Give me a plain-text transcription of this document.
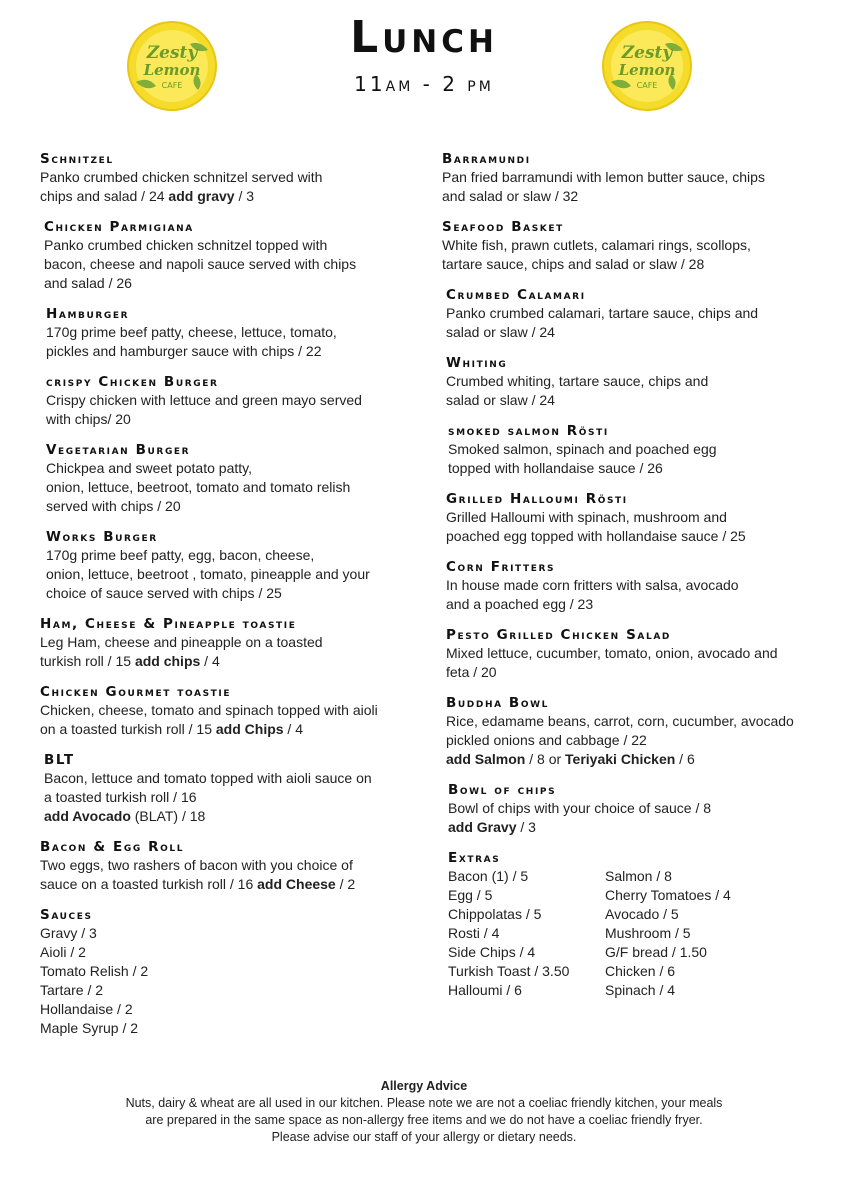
Zesty
Lemon
CAFE
Zesty
Lemon
CAFE
Lunch
11am - 2 pm
Schnitzel

Panko crumbed chicken schnitzel served with
chips and salad / 24 add gravy / 3

Chicken Parmigiana

Panko crumbed chicken schnitzel topped with
bacon, cheese and napoli sauce served with chips
and salad / 26

Hamburger

170g prime beef patty, cheese, lettuce, tomato,
pickles and hamburger sauce with chips / 22

crispy Chicken Burger

Crispy chicken with lettuce and green mayo served
with chips/ 20

Vegetarian Burger

Chickpea and sweet potato patty,
onion, lettuce, beetroot, tomato and tomato relish
served with chips / 20

Works Burger

170g prime beef patty, egg, bacon, cheese,
onion, lettuce, beetroot , tomato, pineapple and your
choice of sauce served with chips / 25

Ham, Cheese & Pineapple toastie

Leg Ham, cheese and pineapple on a toasted
turkish roll / 15 add chips / 4

Chicken Gourmet toastie

Chicken, cheese, tomato and spinach topped with aioli
on a toasted turkish roll / 15 add Chips / 4

BLT

Bacon, lettuce and tomato topped with aioli sauce on
a toasted turkish roll / 16
add Avocado (BLAT) / 18

Bacon & Egg Roll

Two eggs, two rashers of bacon with you choice of
sauce on a toasted turkish roll / 16 add Cheese / 2

Sauces
Gravy / 3
Aioli / 2
Tomato Relish / 2
Tartare / 2
Hollandaise / 2
Maple Syrup / 2
Barramundi

Pan fried barramundi with lemon butter sauce, chips
and salad or slaw / 32

Seafood Basket

White fish, prawn cutlets, calamari rings, scollops,
tartare sauce, chips and salad or slaw / 28

Crumbed Calamari

Panko crumbed calamari, tartare sauce, chips and
salad or slaw / 24

Whiting

Crumbed whiting, tartare sauce, chips and
salad or slaw / 24

smoked salmon Rösti

Smoked salmon, spinach and poached egg
topped with hollandaise sauce / 26

Grilled Halloumi Rösti

Grilled Halloumi with spinach, mushroom and
poached egg topped with hollandaise sauce / 25

Corn Fritters

In house made corn fritters with salsa, avocado
and a poached egg / 23

Pesto Grilled Chicken Salad

Mixed lettuce, cucumber, tomato, onion, avocado and
feta / 20

Buddha Bowl

Rice, edamame beans, carrot, corn, cucumber, avocado
pickled onions and cabbage / 22
add Salmon / 8 or Teriyaki Chicken / 6

Bowl of chips

Bowl of chips with your choice of sauce / 8
add Gravy / 3

Extras
Bacon (1) / 5
Egg / 5
Chippolatas / 5
Rosti / 4
Side Chips / 4
Turkish Toast / 3.50
Halloumi / 6
Salmon / 8
Cherry Tomatoes / 4
Avocado / 5
Mushroom / 5
G/F bread / 1.50
Chicken / 6
Spinach / 4
Allergy Advice
Nuts, dairy & wheat are all used in our kitchen. Please note we are not a coeliac friendly kitchen, your meals
are prepared in the same space as non-allergy free items and we do not have a coeliac friendly fryer.
Please advise our staff of your allergy or dietary needs.
